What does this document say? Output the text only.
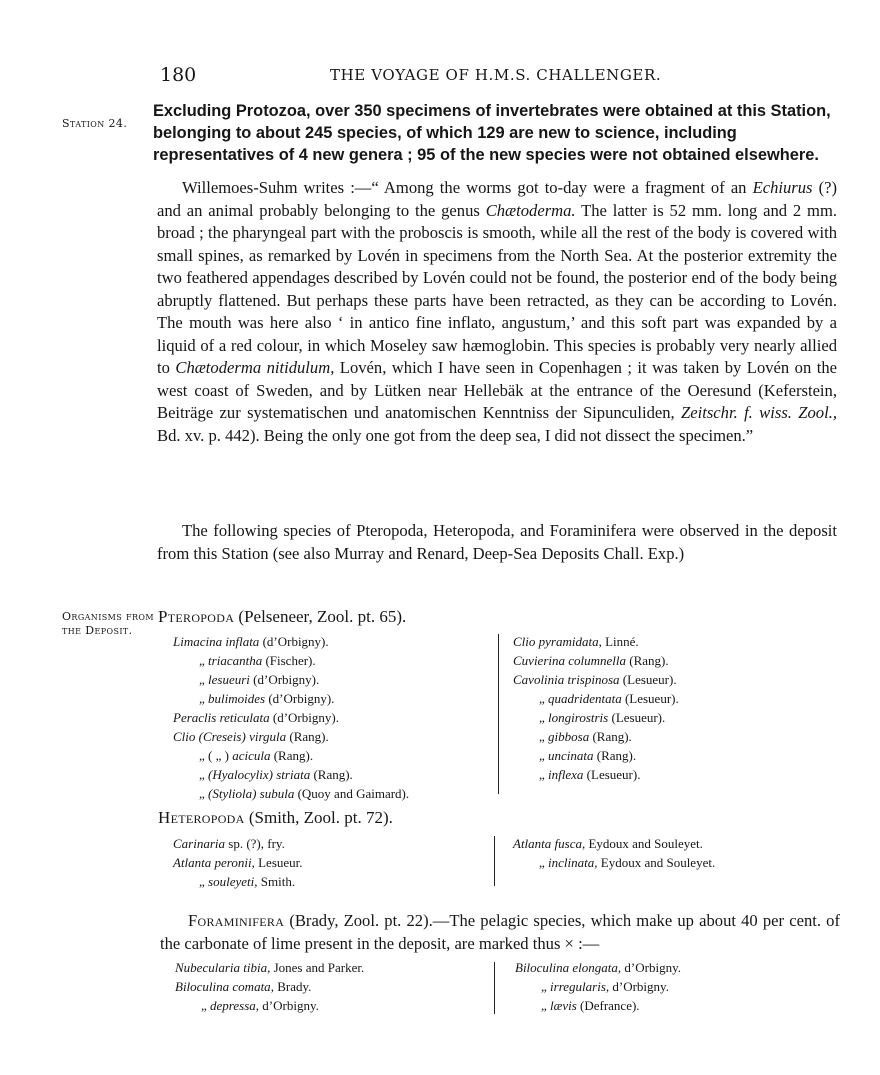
180	THE VOYAGE OF H.M.S. CHALLENGER.
Station 24.

Excluding Protozoa, over 350 specimens of invertebrates were obtained at this Station, belonging to about 245 species, of which 129 are new to science, including representatives of 4 new genera ; 95 of the new species were not obtained elsewhere.

Willemoes-Suhm writes :—“ Among the worms got to-day were a fragment of an Echiurus (?) and an animal probably belonging to the genus Chætoderma. The latter is 52 mm. long and 2 mm. broad ; the pharyngeal part with the proboscis is smooth, while all the rest of the body is covered with small spines, as remarked by Lovén in specimens from the North Sea. At the posterior extremity the two feathered appendages described by Lovén could not be found, the posterior end of the body being abruptly flattened. But perhaps these parts have been retracted, as they can be according to Lovén. The mouth was here also ‘ in antico fine inflato, angustum,’ and this soft part was expanded by a liquid of a red colour, in which Moseley saw hæmoglobin. This species is probably very nearly allied to Chætoderma nitidulum, Lovén, which I have seen in Copenhagen ; it was taken by Lovén on the west coast of Sweden, and by Lütken near Hellebäk at the entrance of the Oeresund (Keferstein, Beiträge zur systematischen und anatomischen Kenntniss der Sipunculiden, Zeitschr. f. wiss. Zool., Bd. xv. p. 442). Being the only one got from the deep sea, I did not dissect the specimen.”

The following species of Pteropoda, Heteropoda, and Foraminifera were observed in the deposit from this Station (see also Murray and Renard, Deep-Sea Deposits Chall. Exp.)

Organisms from
the Deposit.
Pteropoda (Pelseneer, Zool. pt. 65).
Limacina inflata (d’Orbigny).
„ triacantha (Fischer).
„ lesueuri (d’Orbigny).
„ bulimoides (d’Orbigny).
Peraclis reticulata (d’Orbigny).
Clio (Creseis) virgula (Rang).
„ ( „ ) acicula (Rang).
„ (Hyalocylix) striata (Rang).
„ (Styliola) subula (Quoy and Gaimard).
Clio pyramidata, Linné.
Cuvierina columnella (Rang).
Cavolinia trispinosa (Lesueur).
„ quadridentata (Lesueur).
„ longirostris (Lesueur).
„ gibbosa (Rang).
„ uncinata (Rang).
„ inflexa (Lesueur).
Heteropoda (Smith, Zool. pt. 72).
Carinaria sp. (?), fry.
Atlanta peronii, Lesueur.
„ souleyeti, Smith.
Atlanta fusca, Eydoux and Souleyet.
„ inclinata, Eydoux and Souleyet.

Foraminifera (Brady, Zool. pt. 22).—The pelagic species, which make up about 40 per cent. of the carbonate of lime present in the deposit, are marked thus × :—

Nubecularia tibia, Jones and Parker.
Biloculina comata, Brady.
„ depressa, d’Orbigny.
Biloculina elongata, d’Orbigny.
„ irregularis, d’Orbigny.
„ lævis (Defrance).
